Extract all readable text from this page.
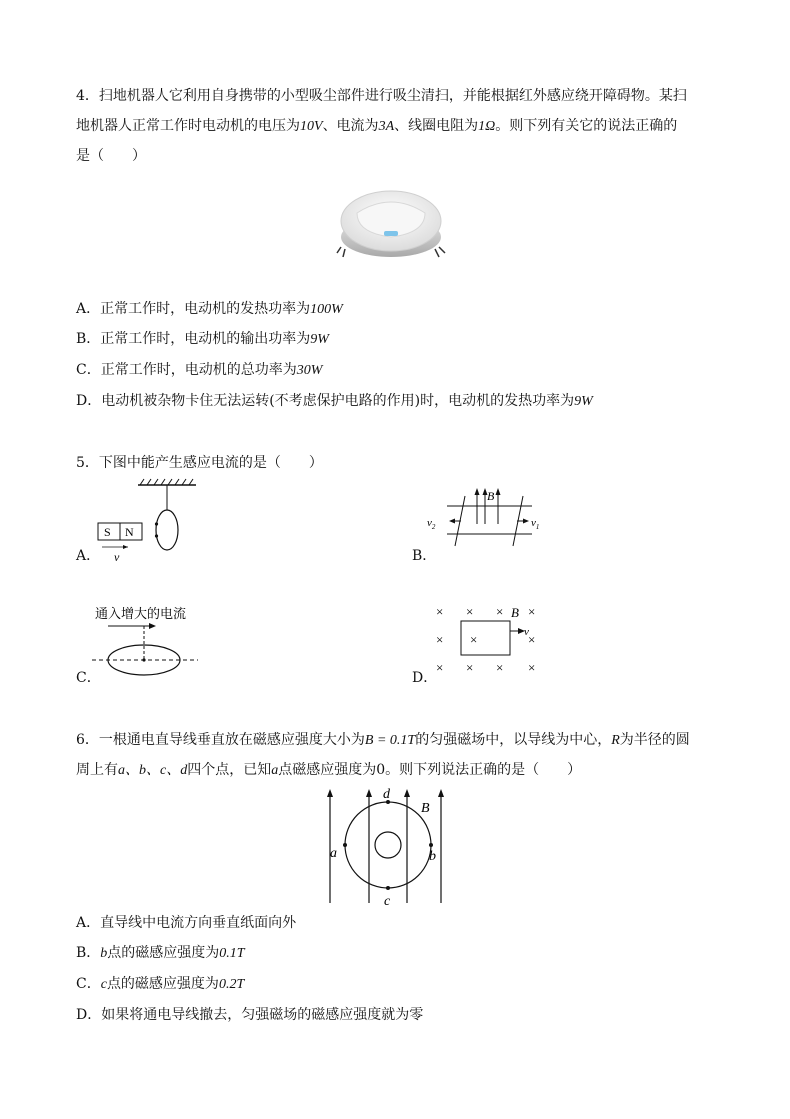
4．扫地机器人它利用自身携带的小型吸尘部件进行吸尘清扫，并能根据红外感应绕开障碍物。某扫
地机器人正常工作时电动机的电压为10V、电流为3A、线圈电阻为1Ω。则下列有关它的说法正确的
是（　　）
A．正常工作时，电动机的发热功率为100W
B．正常工作时，电动机的输出功率为9W
C．正常工作时，电动机的总功率为30W
D．电动机被杂物卡住无法运转(不考虑保护电路的作用)时，电动机的发热功率为9W
5．下图中能产生感应电流的是（　　）
A．
S N
v	B．
B
$v_1$
$v_2$
C．
通入增大的电流
D．
× × × ×
×	×
× × × ×
×
B
v
6．一根通电直导线垂直放在磁感应强度大小为B = 0.1T的匀强磁场中，以导线为中心，R为半径的圆
周上有a、b、c、d四个点，已知a点磁感应强度为0。则下列说法正确的是（　　）
a	b
c
d
B
A．直导线中电流方向垂直纸面向外
B．b点的磁感应强度为0.1T
C．c点的磁感应强度为0.2T
D．如果将通电导线撤去，匀强磁场的磁感应强度就为零
